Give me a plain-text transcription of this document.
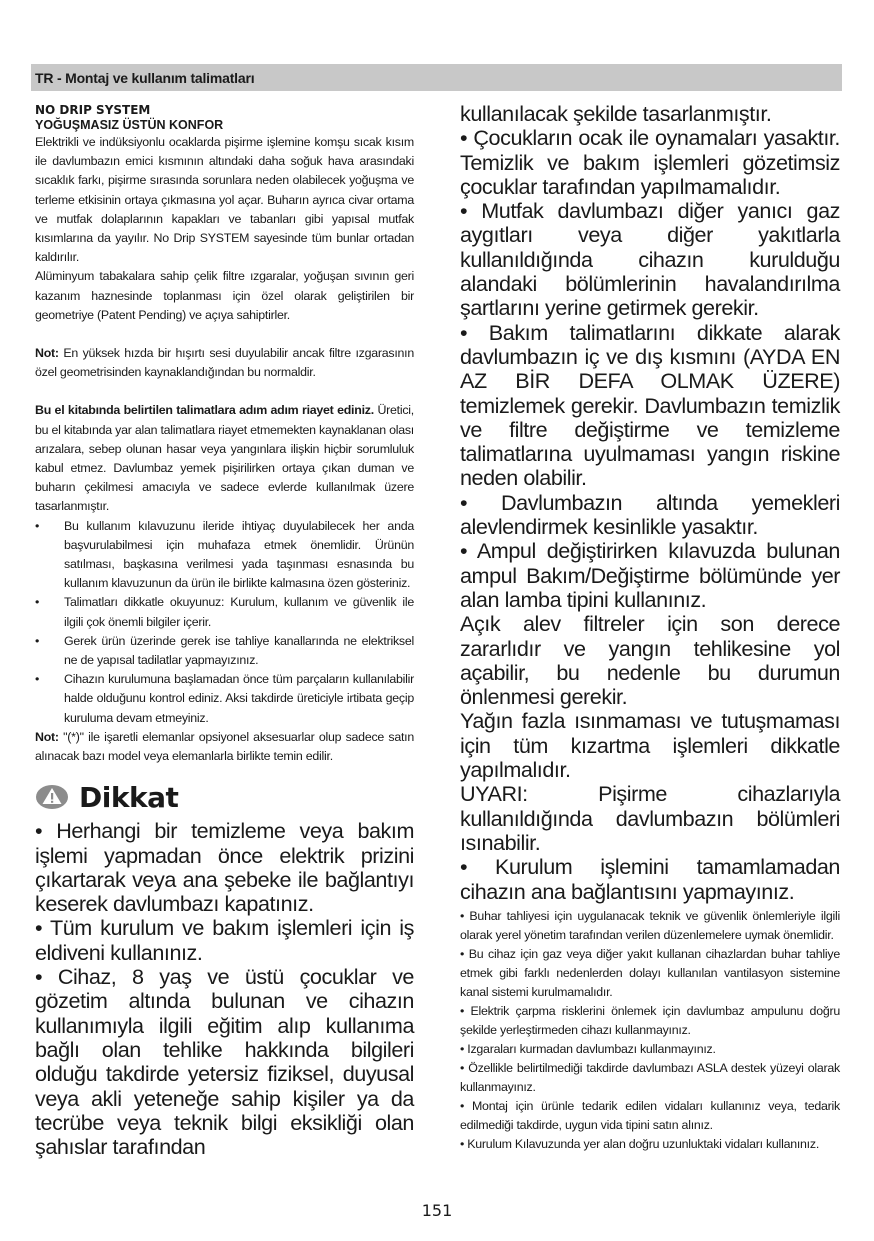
TR - Montaj ve kullanım talimatları
NO DRIP SYSTEM
YOĞUŞMASIZ ÜSTÜN KONFOR

Elektrikli ve indüksiyonlu ocaklarda pişirme işlemine komşu sıcak kısım ile davlumbazın emici kısmının altındaki daha soğuk hava arasındaki sıcaklık farkı, pişirme sırasında sorunlara neden olabilecek yoğuşma ve terleme etkisinin ortaya çıkmasına yol açar. Buharın ayrıca civar ortama ve mutfak dolaplarının kapakları ve tabanları gibi yapısal mutfak kısımlarına da yayılır. No Drip SYSTEM sayesinde tüm bunlar ortadan kaldırılır.

Alüminyum tabakalara sahip çelik filtre ızgaralar, yoğuşan sıvının geri kazanım haznesinde toplanması için özel olarak geliştirilen bir geometriye (Patent Pending) ve açıya sahiptirler.

Not: En yüksek hızda bir hışırtı sesi duyulabilir ancak filtre ızgarasının özel geometrisinden kaynaklandığından bu normaldir.

Bu el kitabında belirtilen talimatlara adım adım riayet ediniz. Üretici, bu el kitabında yar alan talimatlara riayet etmemekten kaynaklanan olası arızalara, sebep olunan hasar veya yangınlara ilişkin hiçbir sorumluluk kabul etmez. Davlumbaz yemek pişirilirken ortaya çıkan duman ve buharın çekilmesi amacıyla ve sadece evlerde kullanılmak üzere tasarlanmıştır.

• Bu kullanım kılavuzunu ileride ihtiyaç duyulabilecek her anda başvurulabilmesi için muhafaza etmek önemlidir. Ürünün satılması, başkasına verilmesi yada taşınması esnasında bu kullanım klavuzunun da ürün ile birlikte kalmasına özen gösteriniz.
• Talimatları dikkatle okuyunuz: Kurulum, kullanım ve güvenlik ile ilgili çok önemli bilgiler içerir.
• Gerek ürün üzerinde gerek ise tahliye kanallarında ne elektriksel ne de yapısal tadilatlar yapmayızınız.
• Cihazın kurulumuna başlamadan önce tüm parçaların kullanılabilir halde olduğunu kontrol ediniz. Aksi takdirde üreticiyle irtibata geçip kuruluma devam etmeyiniz.

Not: "(*)" ile işaretli elemanlar opsiyonel aksesuarlar olup sadece satın alınacak bazı model veya elemanlarla birlikte temin edilir.

Dikkat

• Herhangi bir temizleme veya bakım işlemi yapmadan önce elektrik prizini çıkartarak veya ana şebeke ile bağlantıyı keserek davlumbazı kapatınız.

• Tüm kurulum ve bakım işlemleri için iş eldiveni kullanınız.

• Cihaz, 8 yaş ve üstü çocuklar ve gözetim altında bulunan ve cihazın kullanımıyla ilgili eğitim alıp kullanıma bağlı olan tehlike hakkında bilgileri olduğu takdirde yetersiz fiziksel, duyusal veya akli yeteneğe sahip kişiler ya da tecrübe veya teknik bilgi eksikliği olan şahıslar tarafından

kullanılacak şekilde tasarlanmıştır.

• Çocukların ocak ile oynamaları yasaktır. Temizlik ve bakım işlemleri gözetimsiz çocuklar tarafından yapılmamalıdır.

• Mutfak davlumbazı diğer yanıcı gaz aygıtları veya diğer yakıtlarla kullanıldığında cihazın kurulduğu alandaki bölümlerinin havalandırılma şartlarını yerine getirmek gerekir.

• Bakım talimatlarını dikkate alarak davlumbazın iç ve dış kısmını (AYDA EN AZ BİR DEFA OLMAK ÜZERE) temizlemek gerekir. Davlumbazın temizlik ve filtre değiştirme ve temizleme talimatlarına uyulmaması yangın riskine neden olabilir.

• Davlumbazın altında yemekleri alevlendirmek kesinlikle yasaktır.

• Ampul değiştirirken kılavuzda bulunan ampul Bakım/Değiştirme bölümünde yer alan lamba tipini kullanınız.

Açık alev filtreler için son derece zararlıdır ve yangın tehlikesine yol açabilir, bu nedenle bu durumun önlenmesi gerekir.

Yağın fazla ısınmaması ve tutuşmaması için tüm kızartma işlemleri dikkatle yapılmalıdır.

UYARI: Pişirme cihazlarıyla kullanıldığında davlumbazın bölümleri ısınabilir.

• Kurulum işlemini tamamlamadan cihazın ana bağlantısını yapmayınız.

• Buhar tahliyesi için uygulanacak teknik ve güvenlik önlemleriyle ilgili olarak yerel yönetim tarafından verilen düzenlemelere uymak önemlidir.

• Bu cihaz için gaz veya diğer yakıt kullanan cihazlardan buhar tahliye etmek gibi farklı nedenlerden dolayı kullanılan vantilasyon sistemine kanal sistemi kurulmamalıdır.

• Elektrik çarpma risklerini önlemek için davlumbaz ampulunu doğru şekilde yerleştirmeden cihazı kullanmayınız.

• Izgaraları kurmadan davlumbazı kullanmayınız.

• Özellikle belirtilmediği takdirde davlumbazı ASLA destek yüzeyi olarak kullanmayınız.

• Montaj için ürünle tedarik edilen vidaları kullanınız veya, tedarik edilmediği takdirde, uygun vida tipini satın alınız.

• Kurulum Kılavuzunda yer alan doğru uzunluktaki vidaları kullanınız.

151
